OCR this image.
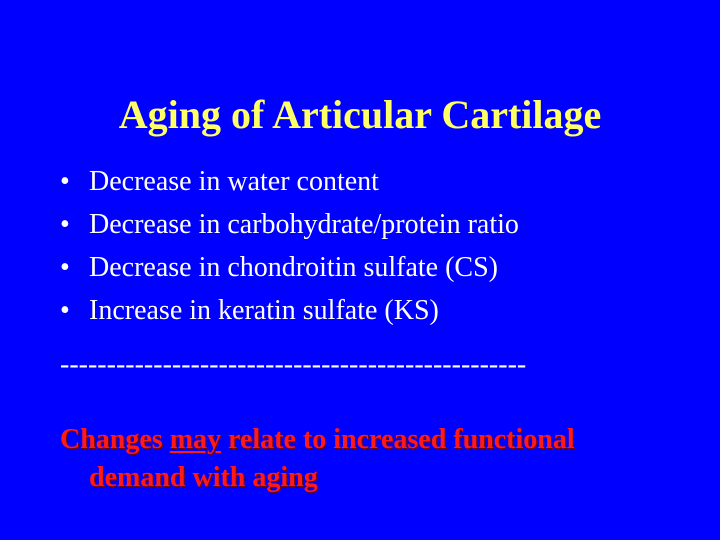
Aging of Articular Cartilage
• Decrease in water content
• Decrease in carbohydrate/protein ratio
• Decrease in chondroitin sulfate (CS)
• Increase in keratin sulfate (KS)
--------------------------------------------------

Changes may relate to increased functional
demand with aging
